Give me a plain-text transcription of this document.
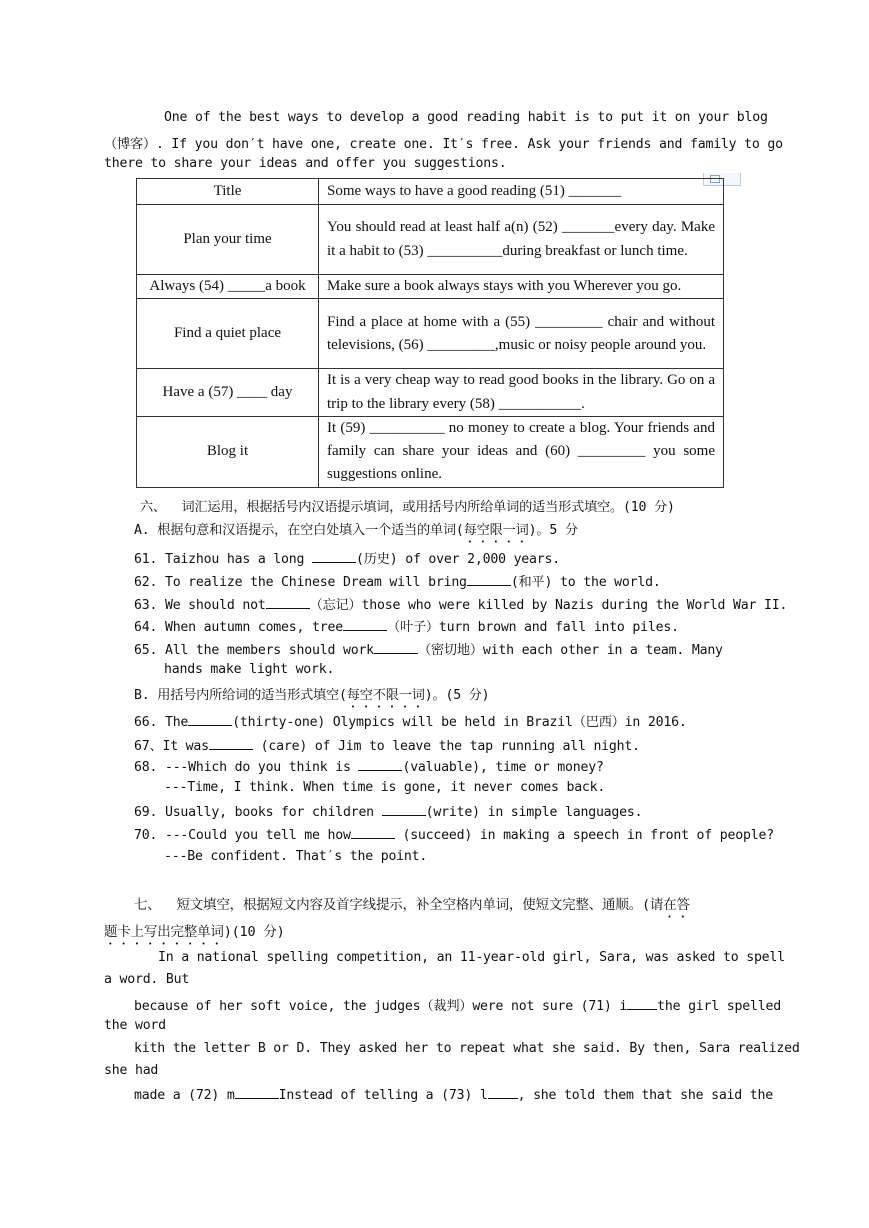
One of the best ways to develop a good reading habit is to put it on your blog
（博客）. If you don′t have one, create one. It′s free. Ask your friends and family to go
there to share your ideas and offer you suggestions.
Title	Some ways to have a good reading (51) _______
Plan your time	You should read at least half a(n) (52) _______every day. Make it a habit to (53) __________during breakfast or lunch time.
Always (54) _____a book	Make sure a book always stays with you Wherever you go.
Find a quiet place	Find a place at home with a (55) _________ chair and without televisions, (56) _________,music or noisy people around you.
Have a (57) ____ day	It is a very cheap way to read good books in the library. Go on a trip to the library every (58) ___________.
Blog it	It (59) __________ no money to create a blog. Your friends and family can share your ideas and (60) _________ you some suggestions online.
六、  词汇运用，根据括号内汉语提示填词，或用括号内所给单词的适当形式填空。(10 分)
A. 根据句意和汉语提示，在空白处填入一个适当的单词(每空限一词)。5 分
61. Taizhou has a long	(历史) of over 2,000 years.
62. To realize the Chinese Dream will bring	(和平) to the world.
63. We should not	（忘记）those who were killed by Nazis during the World War II.
64. When autumn comes, tree	（叶子）turn brown and fall into piles.
65. All the members should work	（密切地）with each other in a team. Many
hands make light work.
B. 用括号内所给词的适当形式填空(每空不限一词)。(5 分)
66. The	(thirty-one) Olympics will be held in Brazil（巴西）in 2016.
67、It was	(care) of Jim to leave the tap running all night.
68. ---Which do you think is	(valuable), time or money?
---Time, I think. When time is gone, it never comes back.
69. Usually, books for children	(write) in simple languages.
70. ---Could you tell me how	(succeed) in making a speech in front of people?
---Be confident. That′s the point.
七、  短文填空，根据短文内容及首字线提示，补全空格内单词，使短文完整、通顺。(请在答
题卡上写出完整单词)(10 分)
In a national spelling competition, an 11-year-old girl, Sara, was asked to spell
a word. But
because of her soft voice, the judges（裁判）were not sure (71) i the girl spelled
the word
kith the letter B or D. They asked her to repeat what she said. By then, Sara realized
she had
made a (72) m	Instead of telling a (73) l , she told them that she said the
